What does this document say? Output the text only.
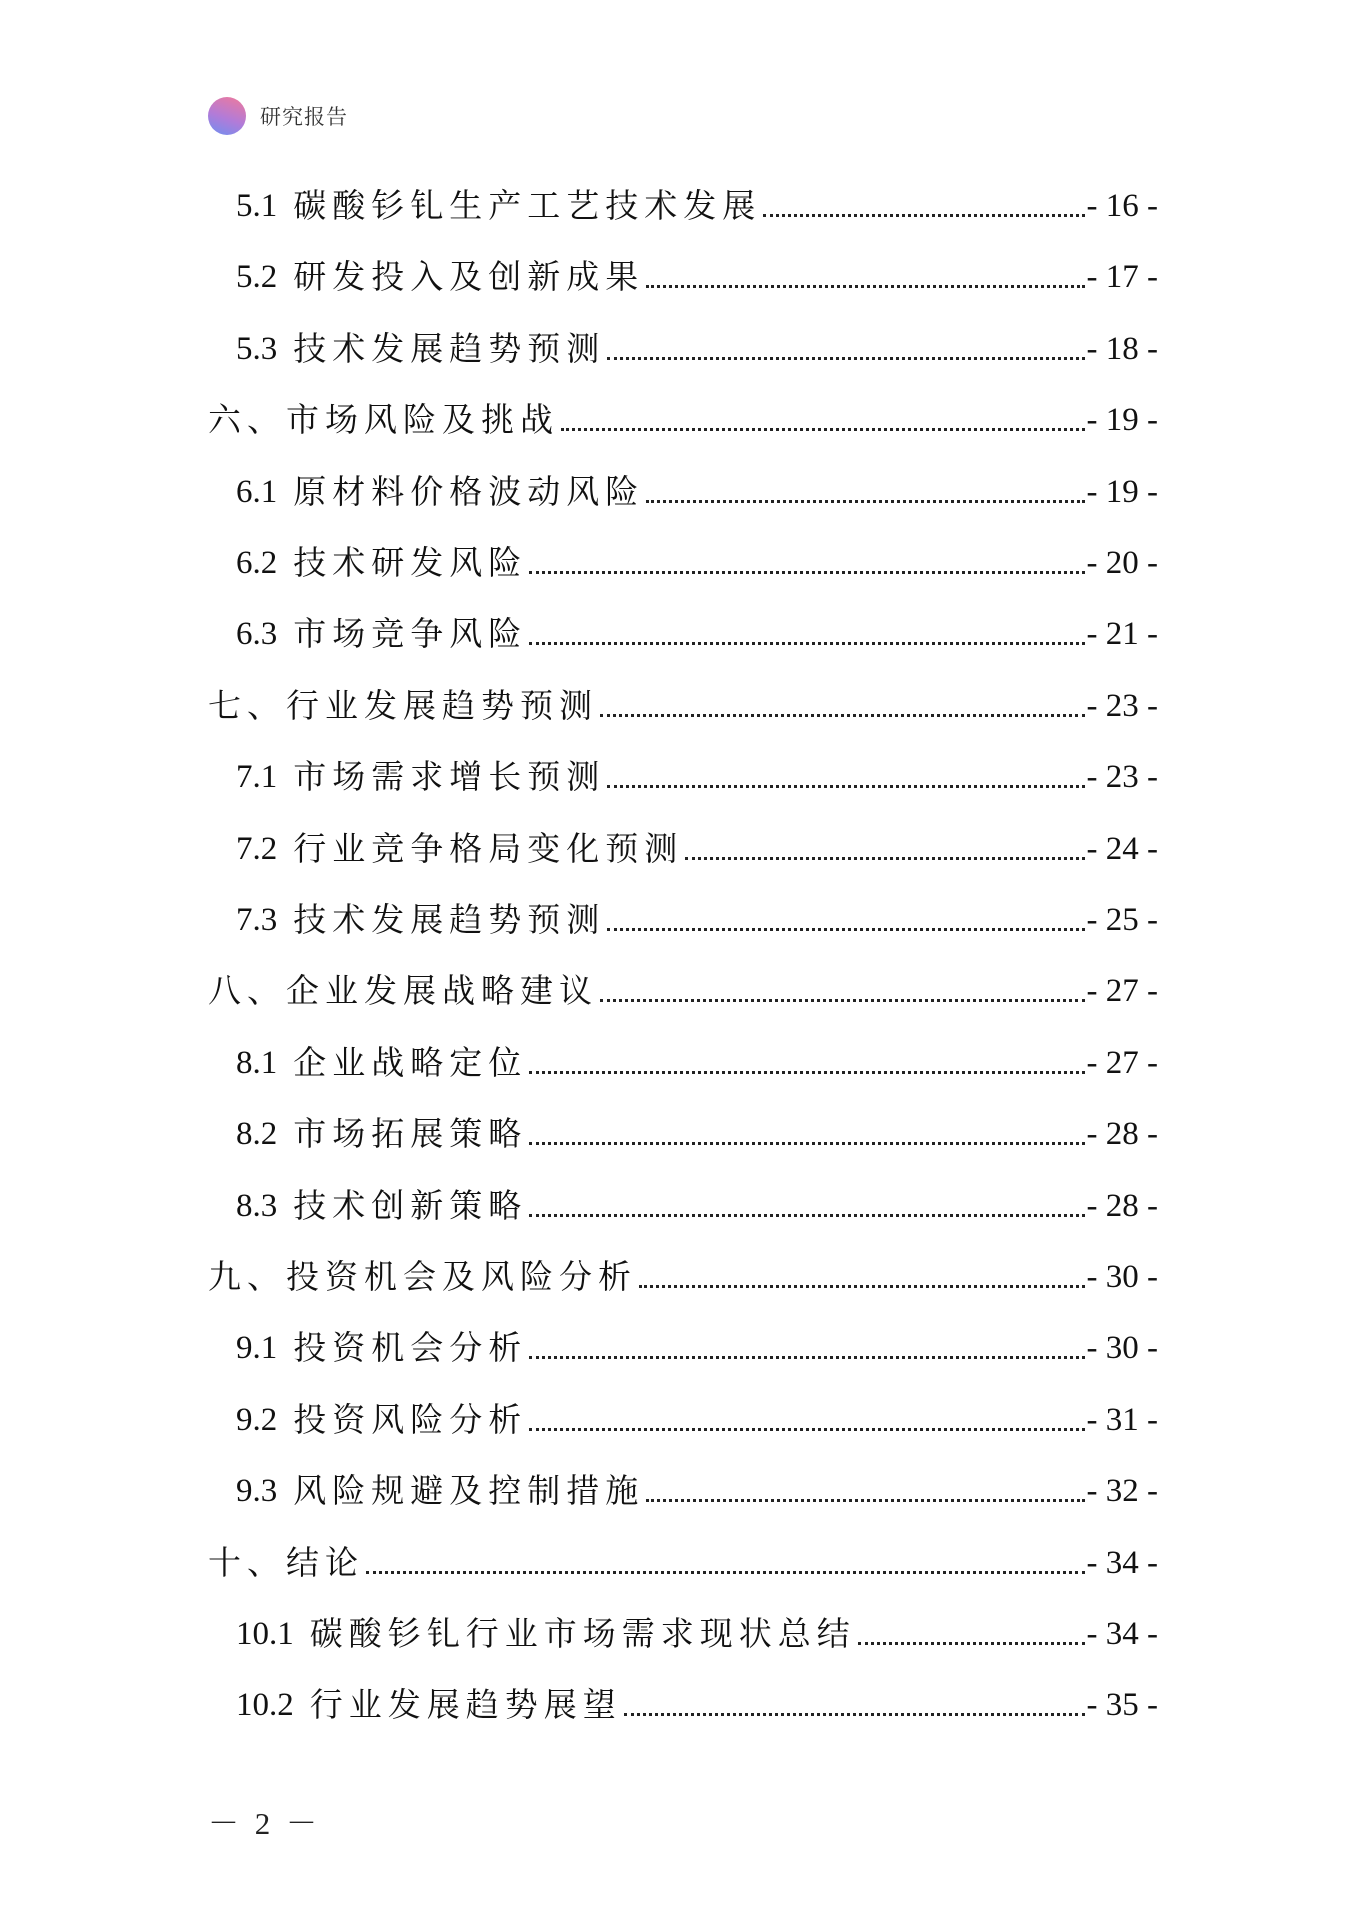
研究报告
5.1 碳酸钐钆生产工艺技术发展	- 16 -
5.2 研发投入及创新成果	- 17 -
5.3 技术发展趋势预测	- 18 -
六、市场风险及挑战	- 19 -
6.1 原材料价格波动风险	- 19 -
6.2 技术研发风险	- 20 -
6.3 市场竞争风险	- 21 -
七、行业发展趋势预测	- 23 -
7.1 市场需求增长预测	- 23 -
7.2 行业竞争格局变化预测	- 24 -
7.3 技术发展趋势预测	- 25 -
八、企业发展战略建议	- 27 -
8.1 企业战略定位	- 27 -
8.2 市场拓展策略	- 28 -
8.3 技术创新策略	- 28 -
九、投资机会及风险分析	- 30 -
9.1 投资机会分析	- 30 -
9.2 投资风险分析	- 31 -
9.3 风险规避及控制措施	- 32 -
十、结论	- 34 -
10.1 碳酸钐钆行业市场需求现状总结	- 34 -
10.2 行业发展趋势展望	- 35 -
－ 2 －
